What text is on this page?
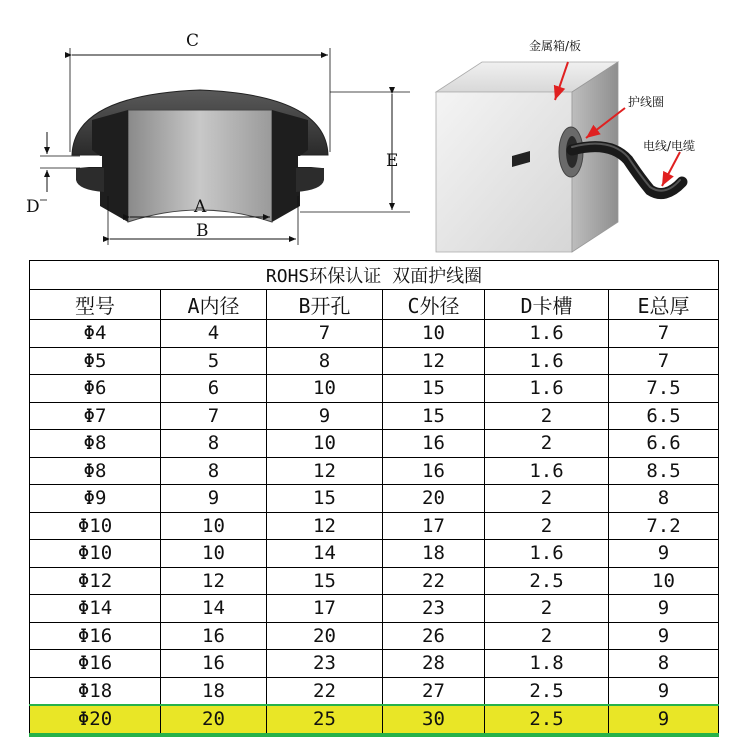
C
E
D	A
B
金属箱/板
护线圈
电线/电缆
ROHS环保认证 双面护线圈					
型号	A内径	B开孔	C外径	D卡槽	E总厚
Φ4	4	7	10	1.6	7
Φ5	5	8	12	1.6	7
Φ6	6	10	15	1.6	7.5
Φ7	7	9	15	2	6.5
Φ8	8	10	16	2	6.6
Φ8	8	12	16	1.6	8.5
Φ9	9	15	20	2	8
Φ10	10	12	17	2	7.2
Φ10	10	14	18	1.6	9
Φ12	12	15	22	2.5	10
Φ14	14	17	23	2	9
Φ16	16	20	26	2	9
Φ16	16	23	28	1.8	8
Φ18	18	22	27	2.5	9
Φ20	20	25	30	2.5	9
